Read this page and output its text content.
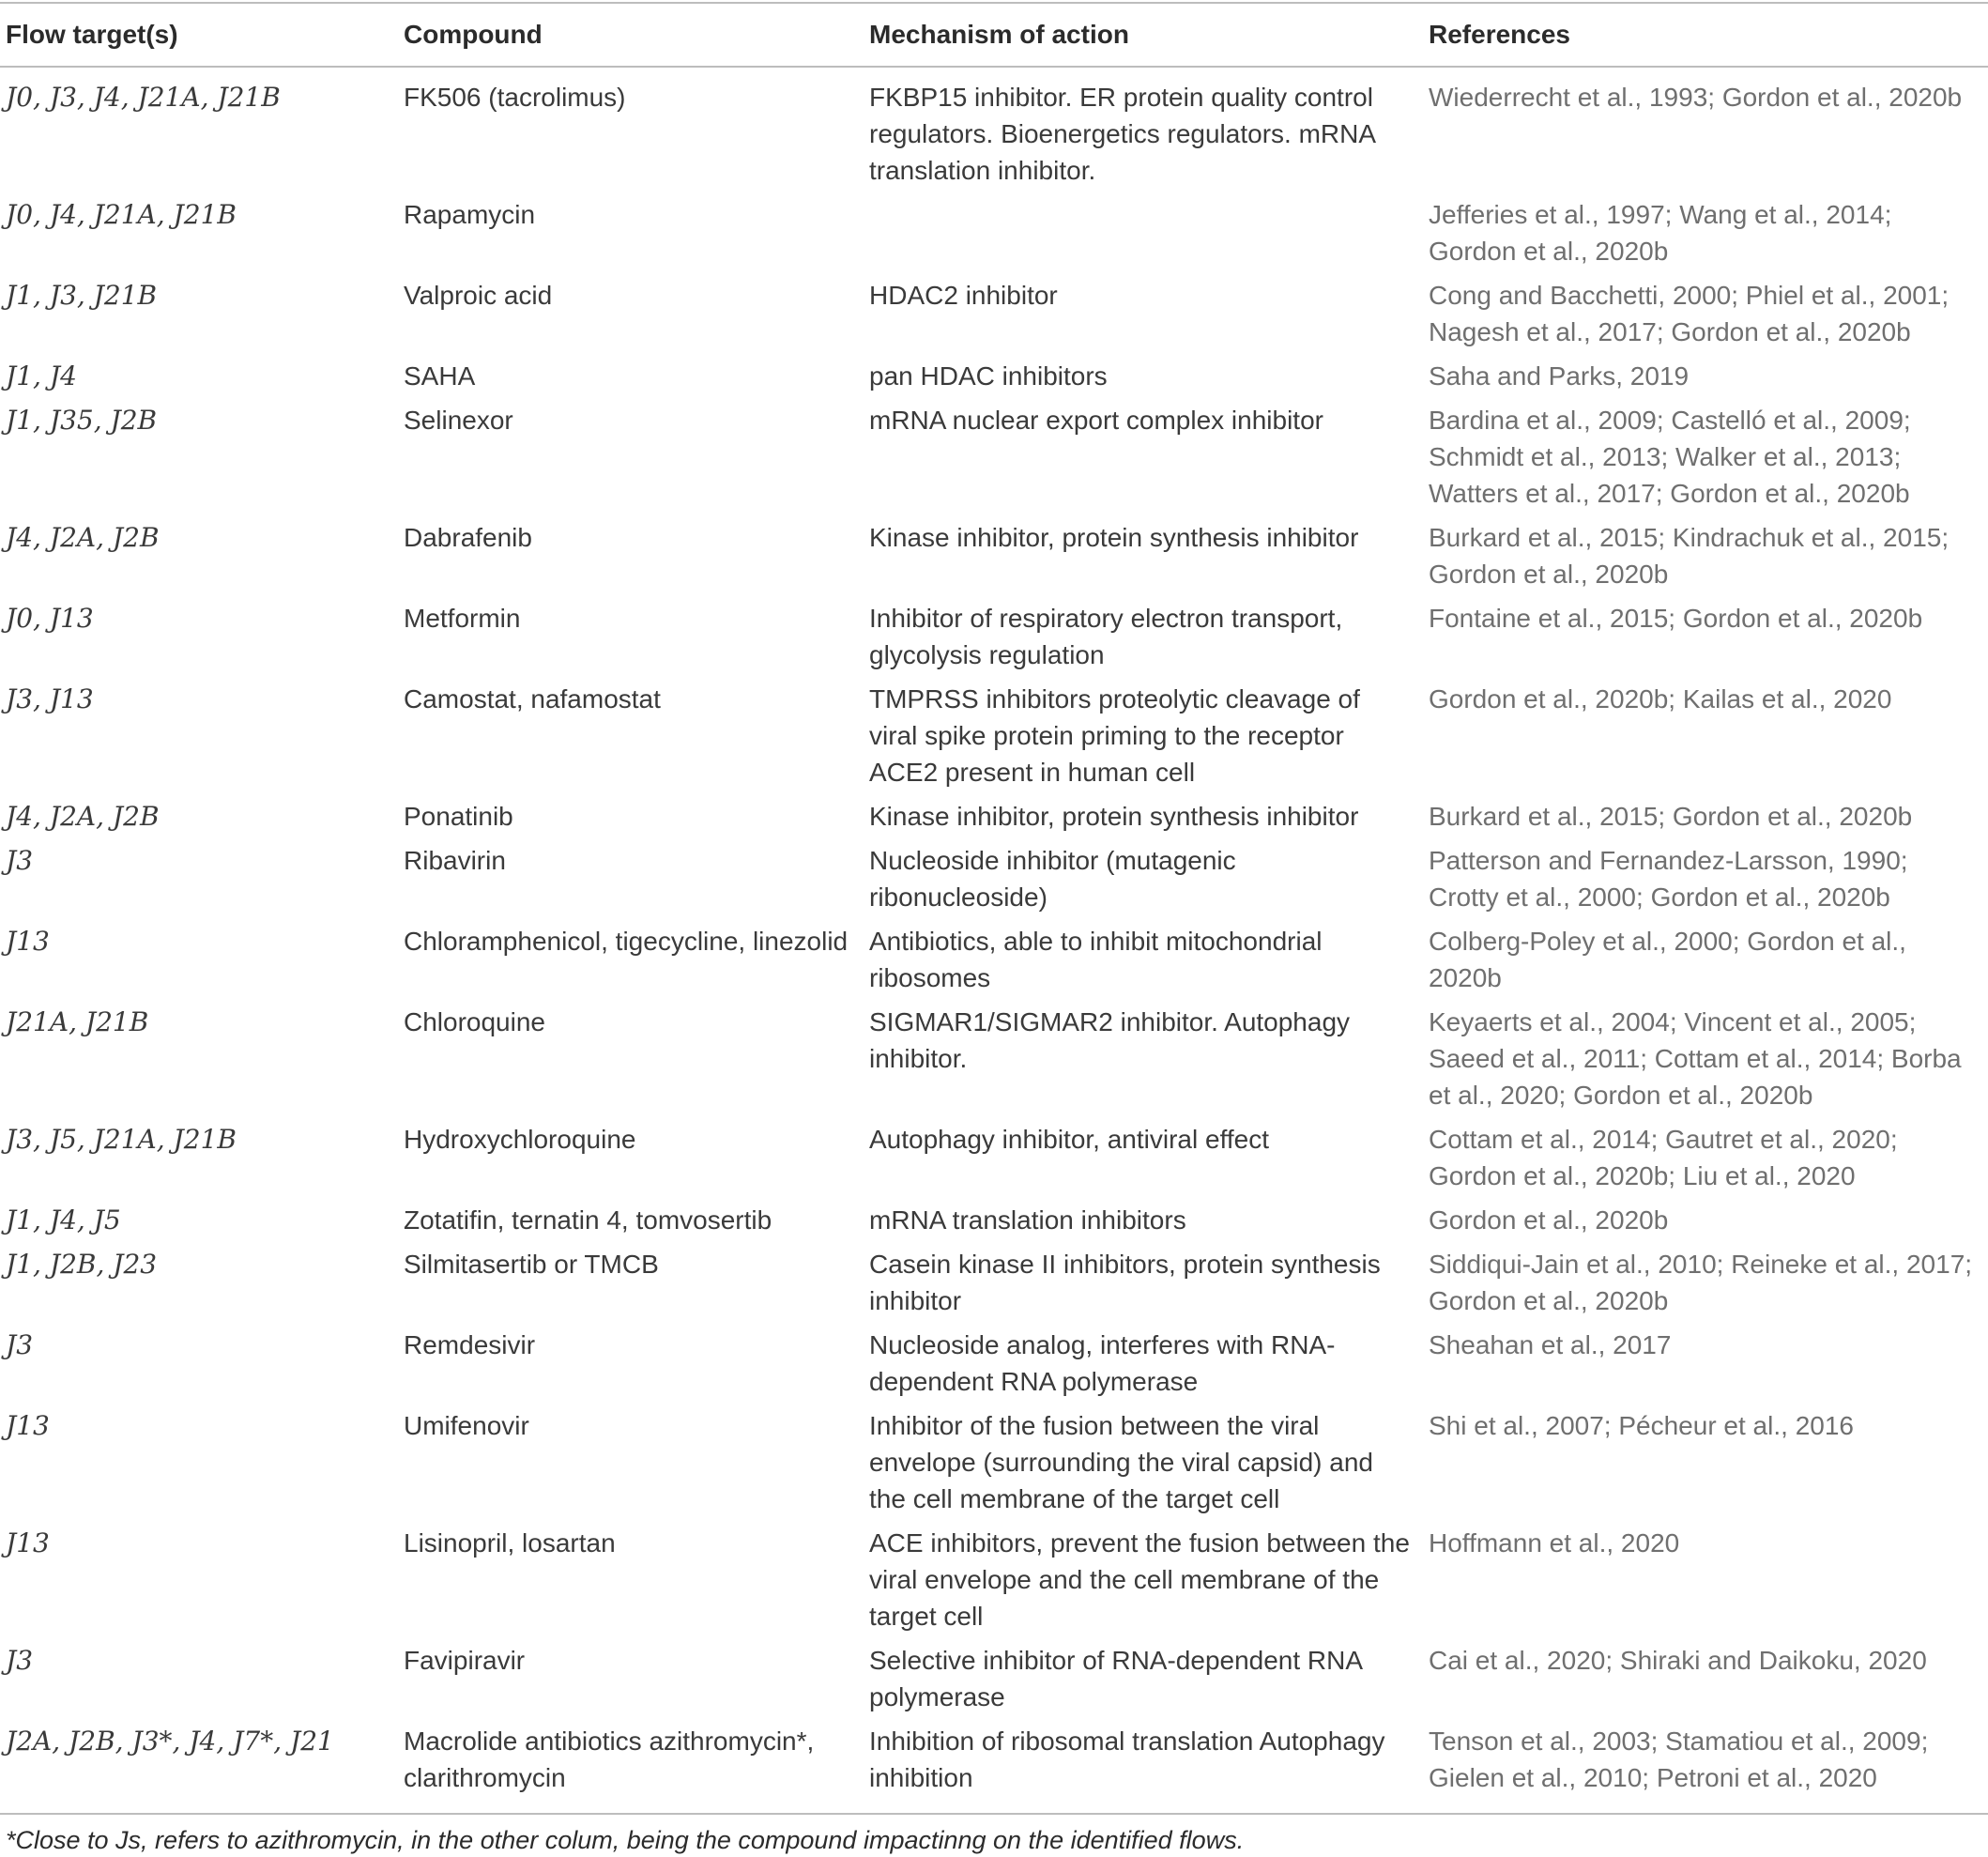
Flow target(s)	Compound	Mechanism of action	References
J0, J3, J4, J21A, J21B	FK506 (tacrolimus)	FKBP15 inhibitor. ER protein quality control regulators. Bioenergetics regulators. mRNA translation inhibitor.	Wiederrecht et al., 1993; Gordon et al., 2020b
J0, J4, J21A, J21B	Rapamycin		Jefferies et al., 1997; Wang et al., 2014; Gordon et al., 2020b
J1, J3, J21B	Valproic acid	HDAC2 inhibitor	Cong and Bacchetti, 2000; Phiel et al., 2001; Nagesh et al., 2017; Gordon et al., 2020b
J1, J4	SAHA	pan HDAC inhibitors	Saha and Parks, 2019
J1, J35, J2B	Selinexor	mRNA nuclear export complex inhibitor	Bardina et al., 2009; Castelló et al., 2009; Schmidt et al., 2013; Walker et al., 2013; Watters et al., 2017; Gordon et al., 2020b
J4, J2A, J2B	Dabrafenib	Kinase inhibitor, protein synthesis inhibitor	Burkard et al., 2015; Kindrachuk et al., 2015; Gordon et al., 2020b
J0, J13	Metformin	Inhibitor of respiratory electron transport, glycolysis regulation	Fontaine et al., 2015; Gordon et al., 2020b
J3, J13	Camostat, nafamostat	TMPRSS inhibitors proteolytic cleavage of viral spike protein priming to the receptor ACE2 present in human cell	Gordon et al., 2020b; Kailas et al., 2020
J4, J2A, J2B	Ponatinib	Kinase inhibitor, protein synthesis inhibitor	Burkard et al., 2015; Gordon et al., 2020b
J3	Ribavirin	Nucleoside inhibitor (mutagenic ribonucleoside)	Patterson and Fernandez-Larsson, 1990; Crotty et al., 2000; Gordon et al., 2020b
J13	Chloramphenicol, tigecycline, linezolid	Antibiotics, able to inhibit mitochondrial ribosomes	Colberg-Poley et al., 2000; Gordon et al., 2020b
J21A, J21B	Chloroquine	SIGMAR1/SIGMAR2 inhibitor. Autophagy inhibitor.	Keyaerts et al., 2004; Vincent et al., 2005; Saeed et al., 2011; Cottam et al., 2014; Borba et al., 2020; Gordon et al., 2020b
J3, J5, J21A, J21B	Hydroxychloroquine	Autophagy inhibitor, antiviral effect	Cottam et al., 2014; Gautret et al., 2020; Gordon et al., 2020b; Liu et al., 2020
J1, J4, J5	Zotatifin, ternatin 4, tomvosertib	mRNA translation inhibitors	Gordon et al., 2020b
J1, J2B, J23	Silmitasertib or TMCB	Casein kinase II inhibitors, protein synthesis inhibitor	Siddiqui-Jain et al., 2010; Reineke et al., 2017; Gordon et al., 2020b
J3	Remdesivir	Nucleoside analog, interferes with RNA-dependent RNA polymerase	Sheahan et al., 2017
J13	Umifenovir	Inhibitor of the fusion between the viral envelope (surrounding the viral capsid) and the cell membrane of the target cell	Shi et al., 2007; Pécheur et al., 2016
J13	Lisinopril, losartan	ACE inhibitors, prevent the fusion between the viral envelope and the cell membrane of the target cell	Hoffmann et al., 2020
J3	Favipiravir	Selective inhibitor of RNA-dependent RNA polymerase	Cai et al., 2020; Shiraki and Daikoku, 2020
J2A, J2B, J3*, J4, J7*, J21	Macrolide antibiotics azithromycin*, clarithromycin	Inhibition of ribosomal translation Autophagy inhibition	Tenson et al., 2003; Stamatiou et al., 2009; Gielen et al., 2010; Petroni et al., 2020
*Close to Js, refers to azithromycin, in the other colum, being the compound impactinng on the identified flows.
